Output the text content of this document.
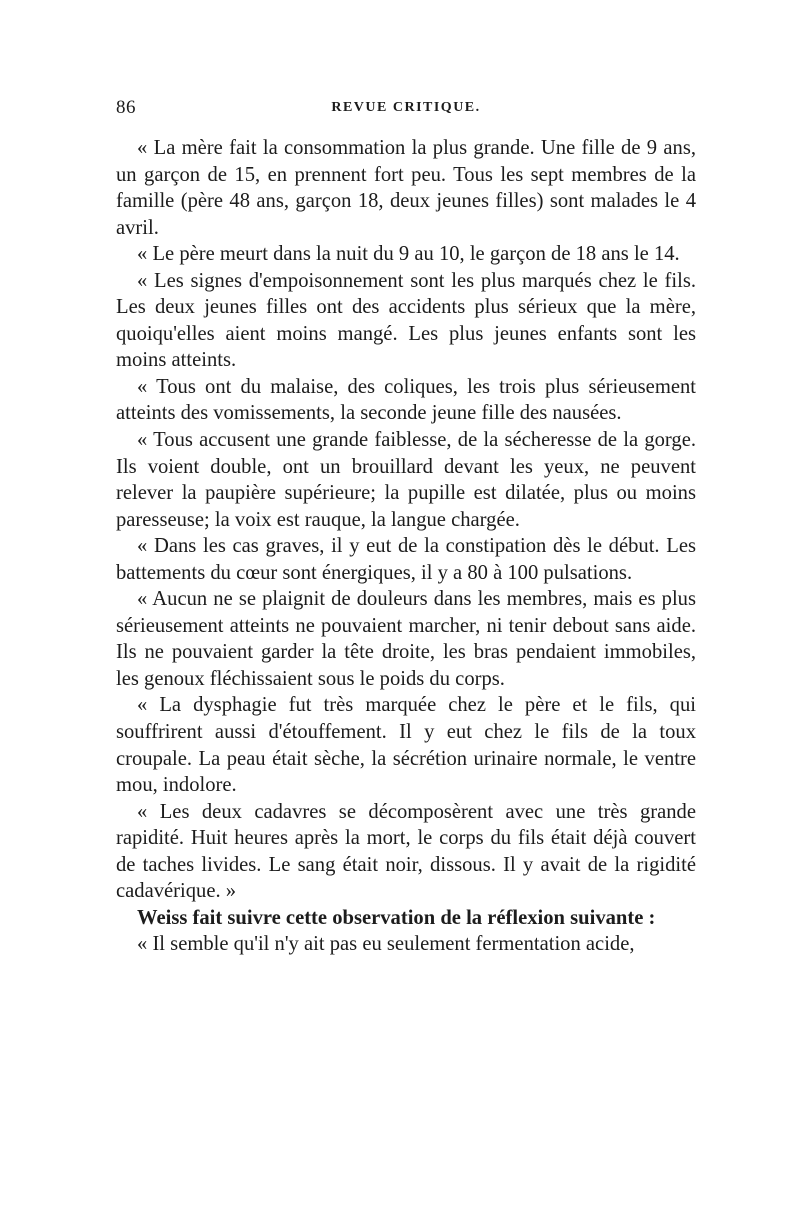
86	REVUE CRITIQUE.

« La mère fait la consommation la plus grande. Une fille de 9 ans, un garçon de 15, en prennent fort peu. Tous les sept membres de la famille (père 48 ans, garçon 18, deux jeunes filles) sont malades le 4 avril.

« Le père meurt dans la nuit du 9 au 10, le garçon de 18 ans le 14.

« Les signes d'empoisonnement sont les plus marqués chez le fils. Les deux jeunes filles ont des accidents plus sérieux que la mère, quoiqu'elles aient moins mangé. Les plus jeunes enfants sont les moins atteints.

« Tous ont du malaise, des coliques, les trois plus sérieusement atteints des vomissements, la seconde jeune fille des nausées.

« Tous accusent une grande faiblesse, de la sécheresse de la gorge. Ils voient double, ont un brouillard devant les yeux, ne peuvent relever la paupière supérieure; la pupille est dilatée, plus ou moins paresseuse; la voix est rauque, la langue chargée.

« Dans les cas graves, il y eut de la constipation dès le début. Les battements du cœur sont énergiques, il y a 80 à 100 pulsations.

« Aucun ne se plaignit de douleurs dans les membres, mais es plus sérieusement atteints ne pouvaient marcher, ni tenir debout sans aide. Ils ne pouvaient garder la tête droite, les bras pendaient immobiles, les genoux fléchissaient sous le poids du corps.

« La dysphagie fut très marquée chez le père et le fils, qui souffrirent aussi d'étouffement. Il y eut chez le fils de la toux croupale. La peau était sèche, la sécrétion urinaire normale, le ventre mou, indolore.

« Les deux cadavres se décomposèrent avec une très grande rapidité. Huit heures après la mort, le corps du fils était déjà couvert de taches livides. Le sang était noir, dissous. Il y avait de la rigidité cadavérique. »

Weiss fait suivre cette observation de la réflexion suivante :

« Il semble qu'il n'y ait pas eu seulement fermentation acide,
